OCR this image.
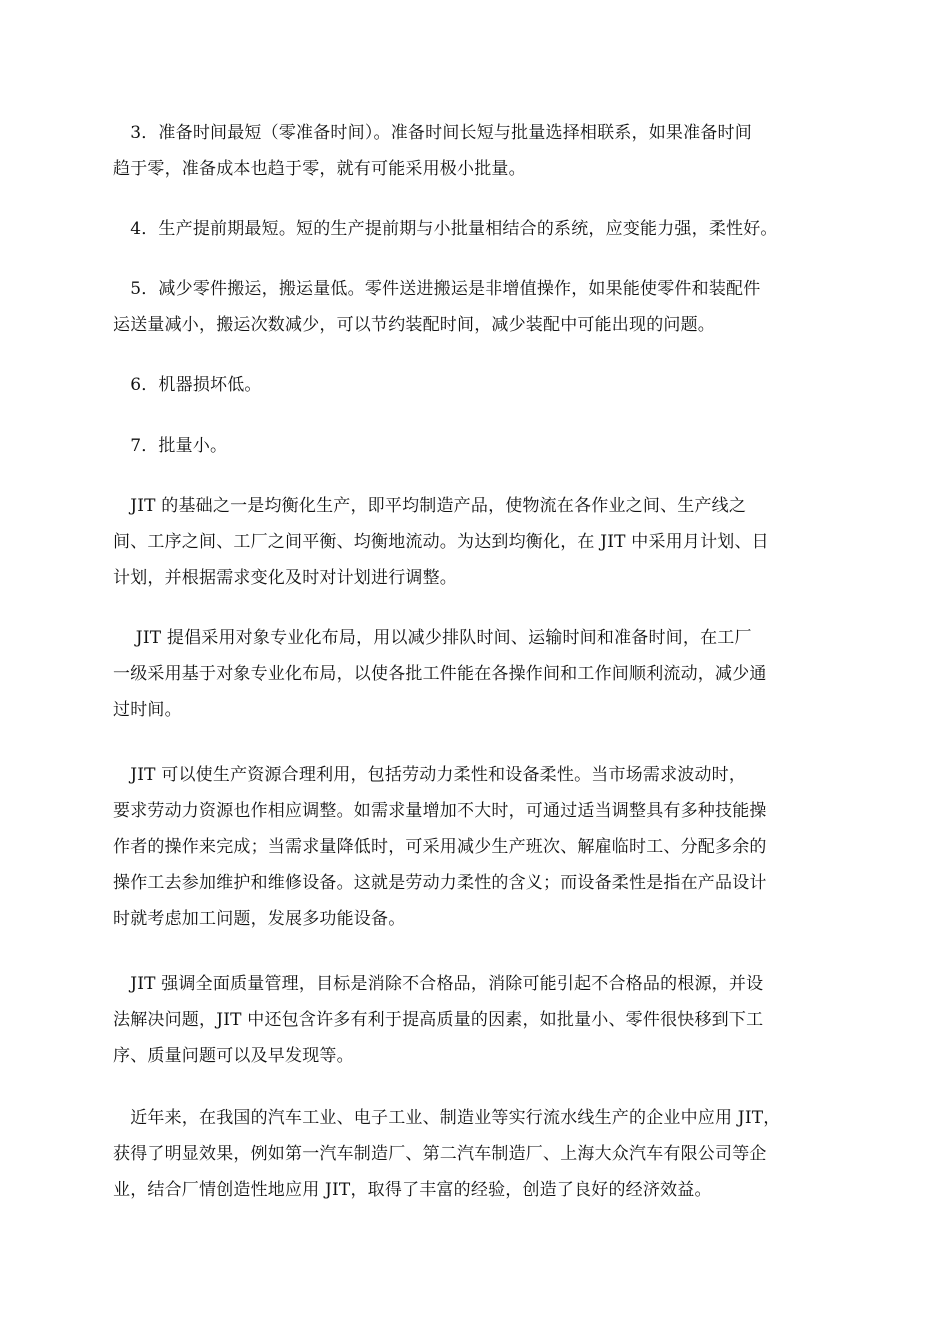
　3．准备时间最短（零准备时间）。准备时间长短与批量选择相联系，如果准备时间
趋于零，准备成本也趋于零，就有可能采用极小批量。

　4．生产提前期最短。短的生产提前期与小批量相结合的系统，应变能力强，柔性好。

　5．减少零件搬运，搬运量低。零件送进搬运是非增值操作，如果能使零件和装配件
运送量减小，搬运次数减少，可以节约装配时间，减少装配中可能出现的问题。

　6．机器损坏低。

　7．批量小。

　JIT 的基础之一是均衡化生产，即平均制造产品，使物流在各作业之间、生产线之
间、工序之间、工厂之间平衡、均衡地流动。为达到均衡化，在 JIT 中采用月计划、日
计划，并根据需求变化及时对计划进行调整。

　 JIT 提倡采用对象专业化布局，用以减少排队时间、运输时间和准备时间，在工厂
一级采用基于对象专业化布局，以使各批工件能在各操作间和工作间顺利流动，减少通
过时间。

　JIT 可以使生产资源合理利用，包括劳动力柔性和设备柔性。当市场需求波动时，
要求劳动力资源也作相应调整。如需求量增加不大时，可通过适当调整具有多种技能操
作者的操作来完成；当需求量降低时，可采用减少生产班次、解雇临时工、分配多余的
操作工去参加维护和维修设备。这就是劳动力柔性的含义；而设备柔性是指在产品设计
时就考虑加工问题，发展多功能设备。

　JIT 强调全面质量管理，目标是消除不合格品，消除可能引起不合格品的根源，并设
法解决问题，JIT 中还包含许多有利于提高质量的因素，如批量小、零件很快移到下工
序、质量问题可以及早发现等。

　近年来，在我国的汽车工业、电子工业、制造业等实行流水线生产的企业中应用 JIT，
获得了明显效果，例如第一汽车制造厂、第二汽车制造厂、上海大众汽车有限公司等企
业，结合厂情创造性地应用 JIT，取得了丰富的经验，创造了良好的经济效益。
